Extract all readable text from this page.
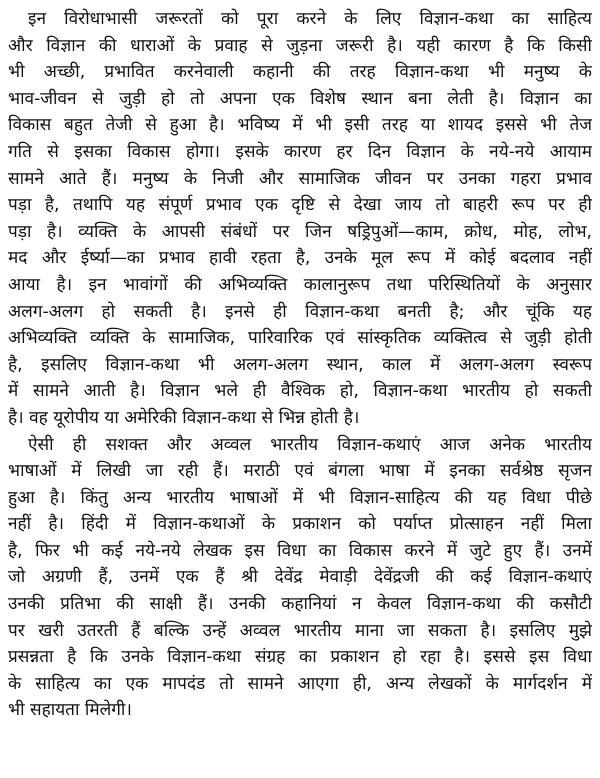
इन विरोधाभासी जरूरतों को पूरा करने के लिए विज्ञान-कथा का साहित्य
और विज्ञान की धाराओं के प्रवाह से जुड़ना जरूरी है। यही कारण है कि किसी
भी अच्छी, प्रभावित करनेवाली कहानी की तरह विज्ञान-कथा भी मनुष्य के
भाव-जीवन से जुड़ी हो तो अपना एक विशेष स्थान बना लेती है। विज्ञान का
विकास बहुत तेजी से हुआ है। भविष्य में भी इसी तरह या शायद इससे भी तेज
गति से इसका विकास होगा। इसके कारण हर दिन विज्ञान के नये-नये आयाम
सामने आते हैं। मनुष्य के निजी और सामाजिक जीवन पर उनका गहरा प्रभाव
पड़ा है, तथापि यह संपूर्ण प्रभाव एक दृष्टि से देखा जाय तो बाहरी रूप पर ही
पड़ा है। व्यक्ति के आपसी संबंधों पर जिन षड्रिपुओं—काम, क्रोध, मोह, लोभ,
मद और ईर्ष्या—का प्रभाव हावी रहता है, उनके मूल रूप में कोई बदलाव नहीं
आया है। इन भावांगों की अभिव्यक्ति कालानुरूप तथा परिस्थितियों के अनुसार
अलग-अलग हो सकती है। इनसे ही विज्ञान-कथा बनती है; और चूंकि यह
अभिव्यक्ति व्यक्ति के सामाजिक, पारिवारिक एवं सांस्कृतिक व्यक्तित्व से जुड़ी होती
है, इसलिए विज्ञान-कथा भी अलग-अलग स्थान, काल में अलग-अलग स्वरूप
में सामने आती है। विज्ञान भले ही वैश्विक हो, विज्ञान-कथा भारतीय हो सकती
है। वह यूरोपीय या अमेरिकी विज्ञान-कथा से भिन्न होती है।
ऐसी ही सशक्त और अव्वल भारतीय विज्ञान-कथाएं आज अनेक भारतीय
भाषाओं में लिखी जा रही हैं। मराठी एवं बंगला भाषा में इनका सर्वश्रेष्ठ सृजन
हुआ है। किंतु अन्य भारतीय भाषाओं में भी विज्ञान-साहित्य की यह विधा पीछे
नहीं है। हिंदी में विज्ञान-कथाओं के प्रकाशन को पर्याप्त प्रोत्साहन नहीं मिला
है, फिर भी कई नये-नये लेखक इस विधा का विकास करने में जुटे हुए हैं। उनमें
जो अग्रणी हैं, उनमें एक हैं श्री देवेंद्र मेवाड़ी देवेंद्रजी की कई विज्ञान-कथाएं
उनकी प्रतिभा की साक्षी हैं। उनकी कहानियां न केवल विज्ञान-कथा की कसौटी
पर खरी उतरती हैं बल्कि उन्हें अव्वल भारतीय माना जा सकता है। इसलिए मुझे
प्रसन्नता है कि उनके विज्ञान-कथा संग्रह का प्रकाशन हो रहा है। इससे इस विधा
के साहित्य का एक मापदंड तो सामने आएगा ही, अन्य लेखकों के मार्गदर्शन में
भी सहायता मिलेगी।
